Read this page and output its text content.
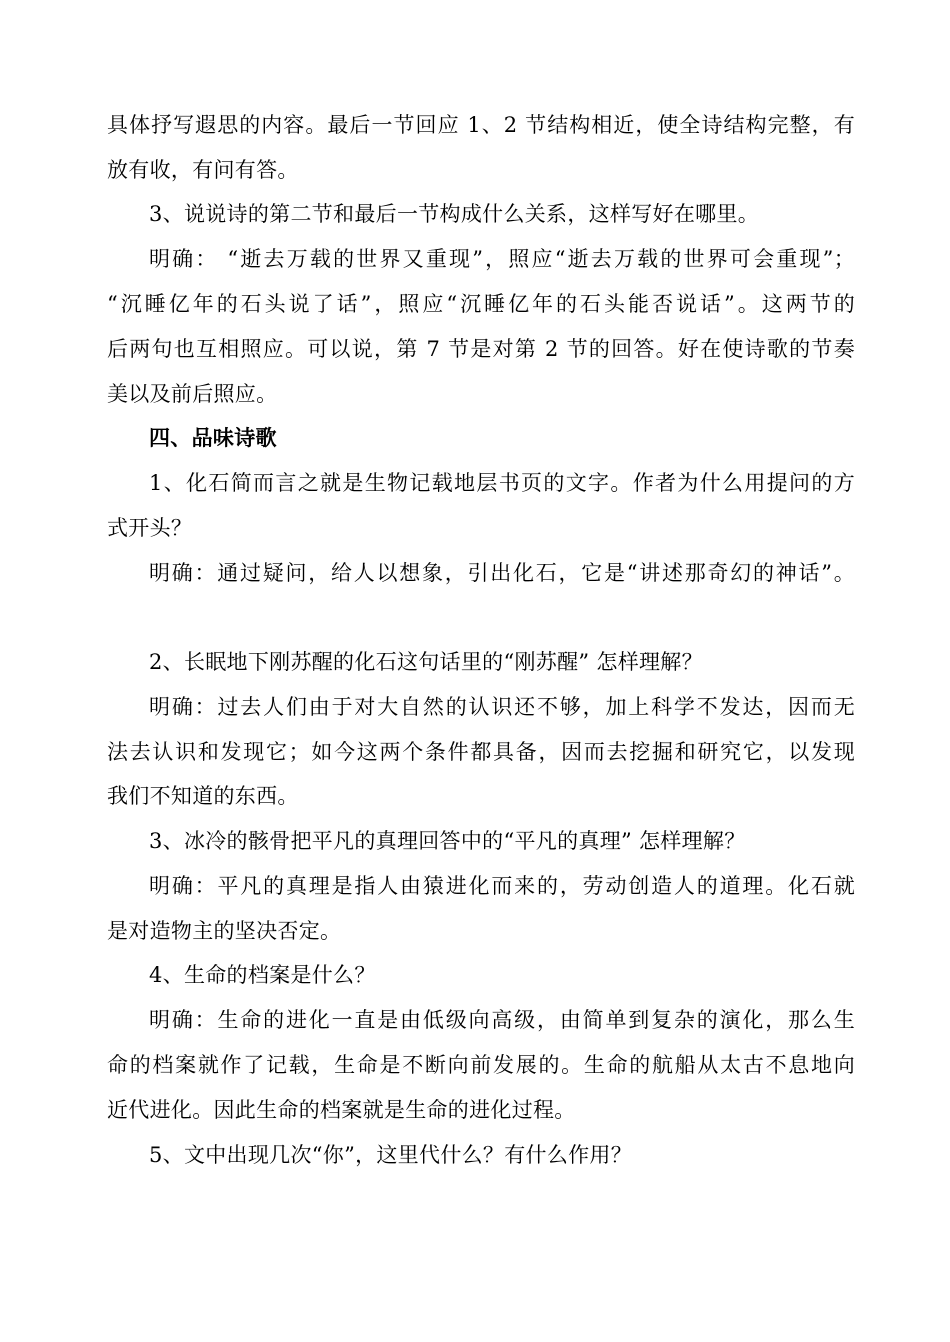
具体抒写遐思的内容。最后一节回应 1、2 节结构相近，使全诗结构完整，有
放有收，有问有答。
3、说说诗的第二节和最后一节构成什么关系，这样写好在哪里。
明确： “逝去万载的世界又重现”，照应“逝去万载的世界可会重现”；
“沉睡亿年的石头说了话”，照应“沉睡亿年的石头能否说话”。这两节的
后两句也互相照应。可以说，第 7 节是对第 2 节的回答。好在使诗歌的节奏
美以及前后照应。
四、品味诗歌
1、化石简而言之就是生物记载地层书页的文字。作者为什么用提问的方
式开头？
明确：通过疑问，给人以想象，引出化石，它是“讲述那奇幻的神话”。
2、长眠地下刚苏醒的化石这句话里的“刚苏醒” 怎样理解？
明确：过去人们由于对大自然的认识还不够，加上科学不发达，因而无
法去认识和发现它；如今这两个条件都具备，因而去挖掘和研究它，以发现
我们不知道的东西。
3、冰冷的骸骨把平凡的真理回答中的“平凡的真理” 怎样理解？
明确：平凡的真理是指人由猿进化而来的，劳动创造人的道理。化石就
是对造物主的坚决否定。
4、生命的档案是什么？
明确：生命的进化一直是由低级向高级，由简单到复杂的演化，那么生
命的档案就作了记载，生命是不断向前发展的。生命的航船从太古不息地向
近代进化。因此生命的档案就是生命的进化过程。
5、文中出现几次“你”，这里代什么？有什么作用？
